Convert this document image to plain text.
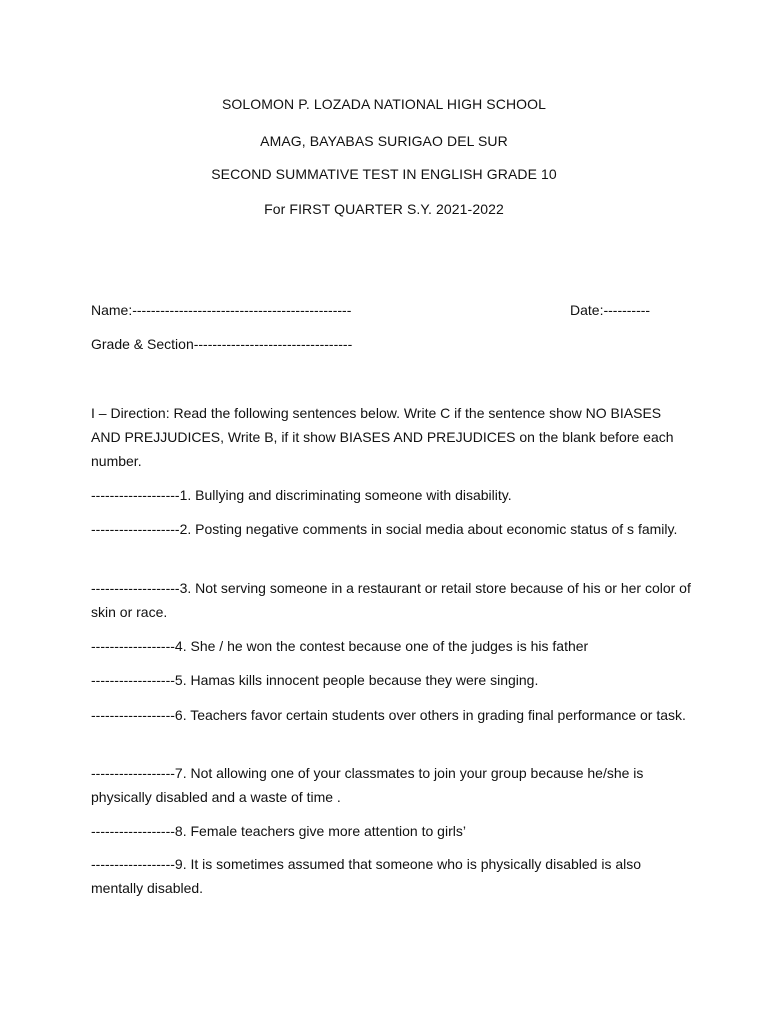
SOLOMON P. LOZADA NATIONAL HIGH SCHOOL
AMAG, BAYABAS SURIGAO DEL SUR
SECOND SUMMATIVE TEST IN ENGLISH GRADE 10
For FIRST QUARTER S.Y. 2021-2022
Name:-----------------------------------------------	Date:----------
Grade & Section----------------------------------
I – Direction: Read the following sentences below. Write C if the sentence show NO BIASES AND PREJJUDICES, Write B, if it show BIASES AND PREJUDICES on the blank before each number.
-------------------1. Bullying and discriminating someone with disability.
-------------------2. Posting negative comments in social media about economic status of s family.
-------------------3. Not serving someone in a restaurant or retail store because of his or her color of skin or race.
------------------4. She / he won the contest because one of the judges is his father
------------------5. Hamas kills innocent people because they were singing.
------------------6. Teachers favor certain students over others in grading final performance or task.
------------------7. Not allowing one of your classmates to join your group because he/she is physically disabled and a waste of time .
------------------8. Female teachers give more attention to girls’
------------------9. It is sometimes assumed that someone who is physically disabled is also mentally disabled.
